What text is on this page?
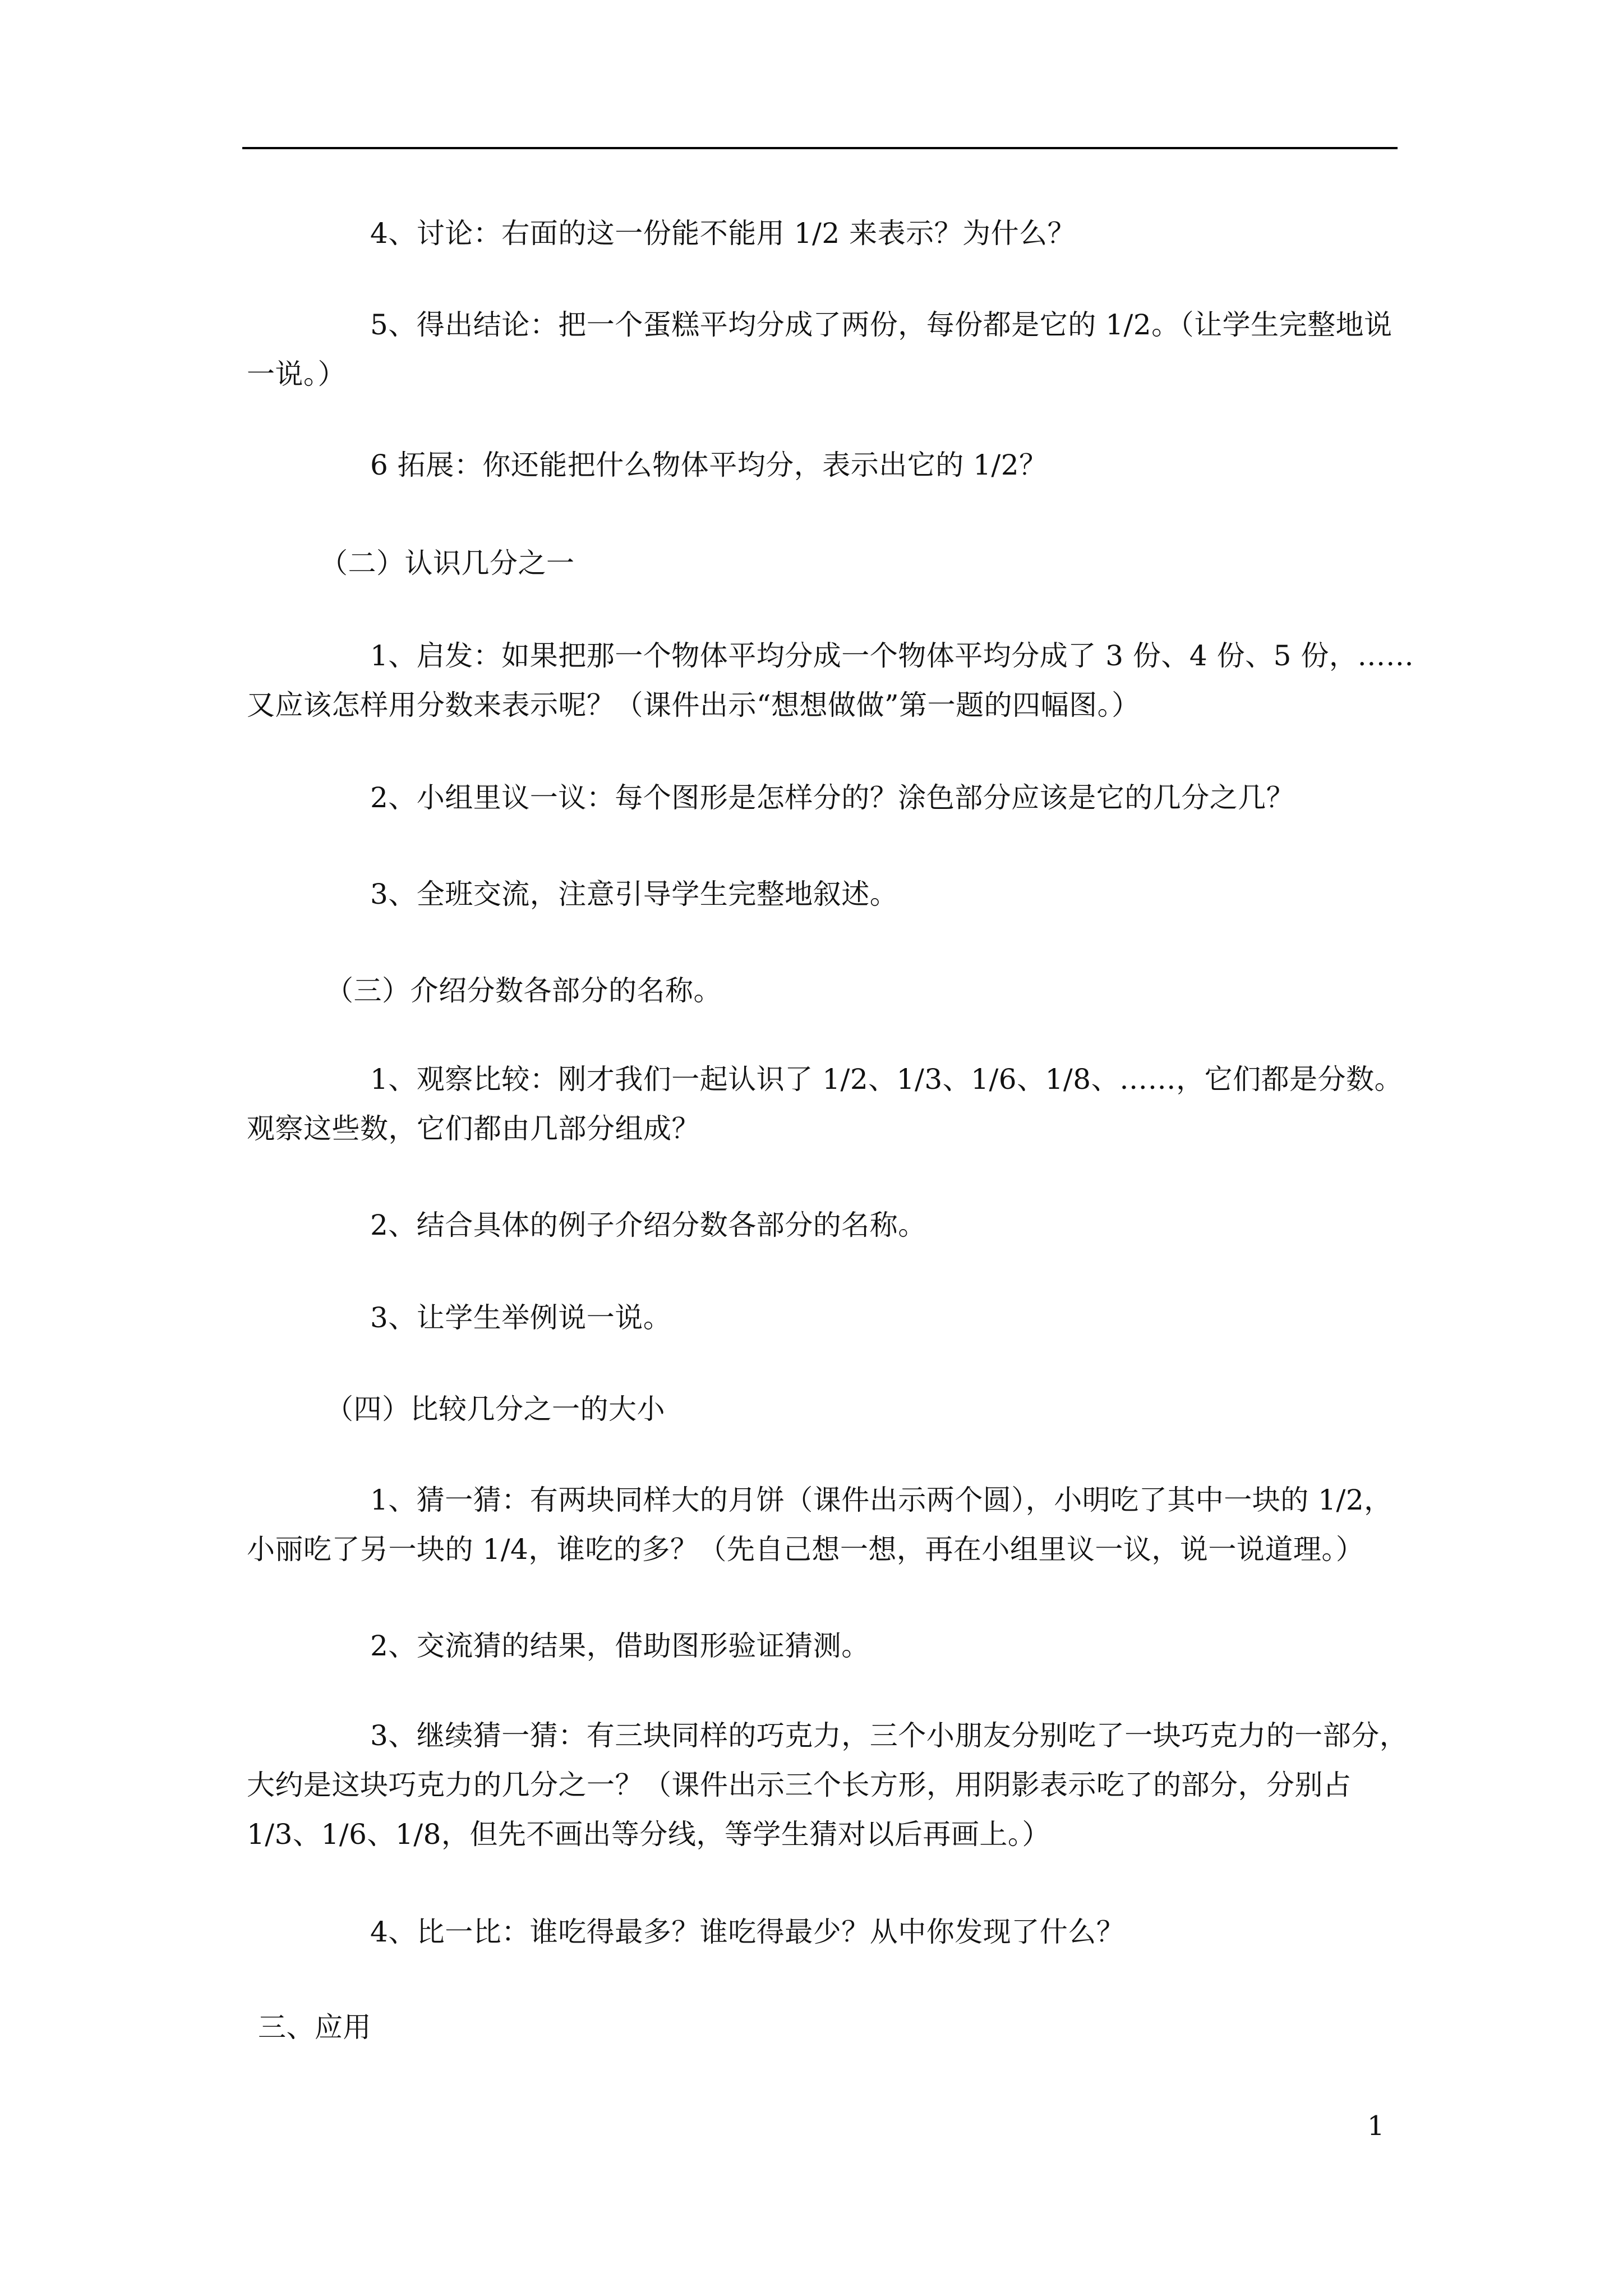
4、讨论：右面的这一份能不能用 1/2 来表示？为什么？
5、得出结论：把一个蛋糕平均分成了两份，每份都是它的 1/2。（让学生完整地说
一说。）
6 拓展：你还能把什么物体平均分，表示出它的 1/2？
（二）认识几分之一
1、启发：如果把那一个物体平均分成一个物体平均分成了 3 份、4 份、5 份，……
又应该怎样用分数来表示呢？（课件出示“想想做做”第一题的四幅图。）
2、小组里议一议：每个图形是怎样分的？涂色部分应该是它的几分之几？
3、全班交流，注意引导学生完整地叙述。
（三）介绍分数各部分的名称。
1、观察比较：刚才我们一起认识了 1/2、1/3、1/6、1/8、……，它们都是分数。
观察这些数，它们都由几部分组成？
2、结合具体的例子介绍分数各部分的名称。
3、让学生举例说一说。
（四）比较几分之一的大小
1、猜一猜：有两块同样大的月饼（课件出示两个圆），小明吃了其中一块的 1/2，
小丽吃了另一块的 1/4，谁吃的多？（先自己想一想，再在小组里议一议，说一说道理。）
2、交流猜的结果，借助图形验证猜测。
3、继续猜一猜：有三块同样的巧克力，三个小朋友分别吃了一块巧克力的一部分，
大约是这块巧克力的几分之一？（课件出示三个长方形，用阴影表示吃了的部分，分别占
1/3、1/6、1/8，但先不画出等分线，等学生猜对以后再画上。）
4、比一比：谁吃得最多？谁吃得最少？从中你发现了什么？
三、应用
1
